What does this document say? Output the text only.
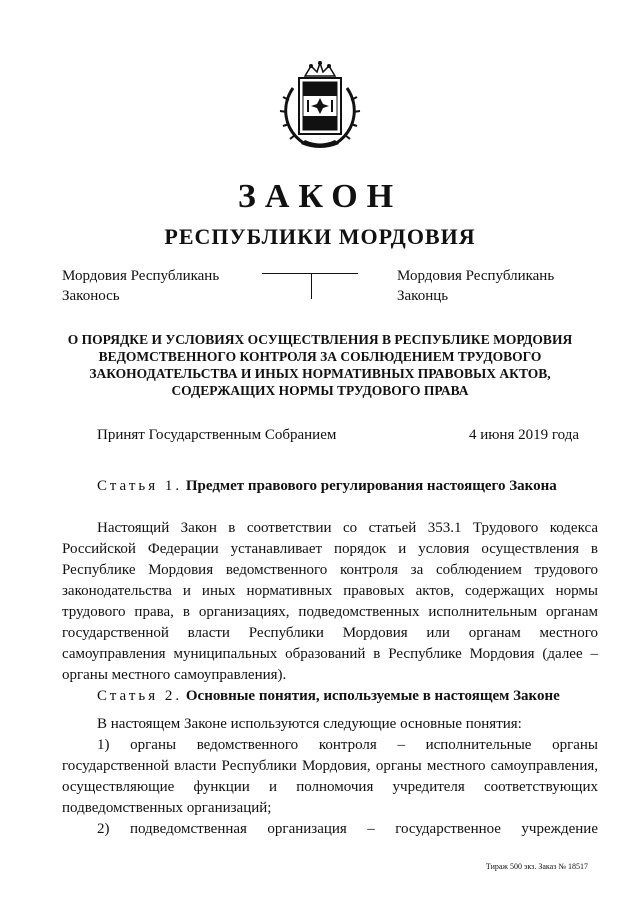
ЗАКОН
РЕСПУБЛИКИ МОРДОВИЯ
Мордовия Республикань
Законось
Мордовия Республикань
Законць
О ПОРЯДКЕ И УСЛОВИЯХ ОСУЩЕСТВЛЕНИЯ В РЕСПУБЛИКЕ МОРДОВИЯ
ВЕДОМСТВЕННОГО КОНТРОЛЯ ЗА СОБЛЮДЕНИЕМ ТРУДОВОГО
ЗАКОНОДАТЕЛЬСТВА И ИНЫХ НОРМАТИВНЫХ ПРАВОВЫХ АКТОВ,
СОДЕРЖАЩИХ НОРМЫ ТРУДОВОГО ПРАВА
Принят Государственным Собранием	4 июня 2019 года
Статья 1. Предмет правового регулирования настоящего Закона
Настоящий Закон в соответствии со статьей 353.1 Трудового кодекса Российской Федерации устанавливает порядок и условия осуществления в Республике Мордовия ведомственного контроля за соблюдением трудового законодательства и иных нормативных правовых актов, содержащих нормы трудового права, в организациях, подведомственных исполнительным органам государственной власти Республики Мордовия или органам местного самоуправления муниципальных образований в Республике Мордовия (далее – органы местного самоуправления).
Статья 2. Основные понятия, используемые в настоящем Законе
В настоящем Законе используются следующие основные понятия:
1) органы ведомственного контроля – исполнительные органы государственной власти Республики Мордовия, органы местного самоуправления, осуществляющие функции и полномочия учредителя соответствующих подведомственных организаций;
2) подведомственная организация – государственное учреждение
Тираж 500 экз. Заказ № 18517
